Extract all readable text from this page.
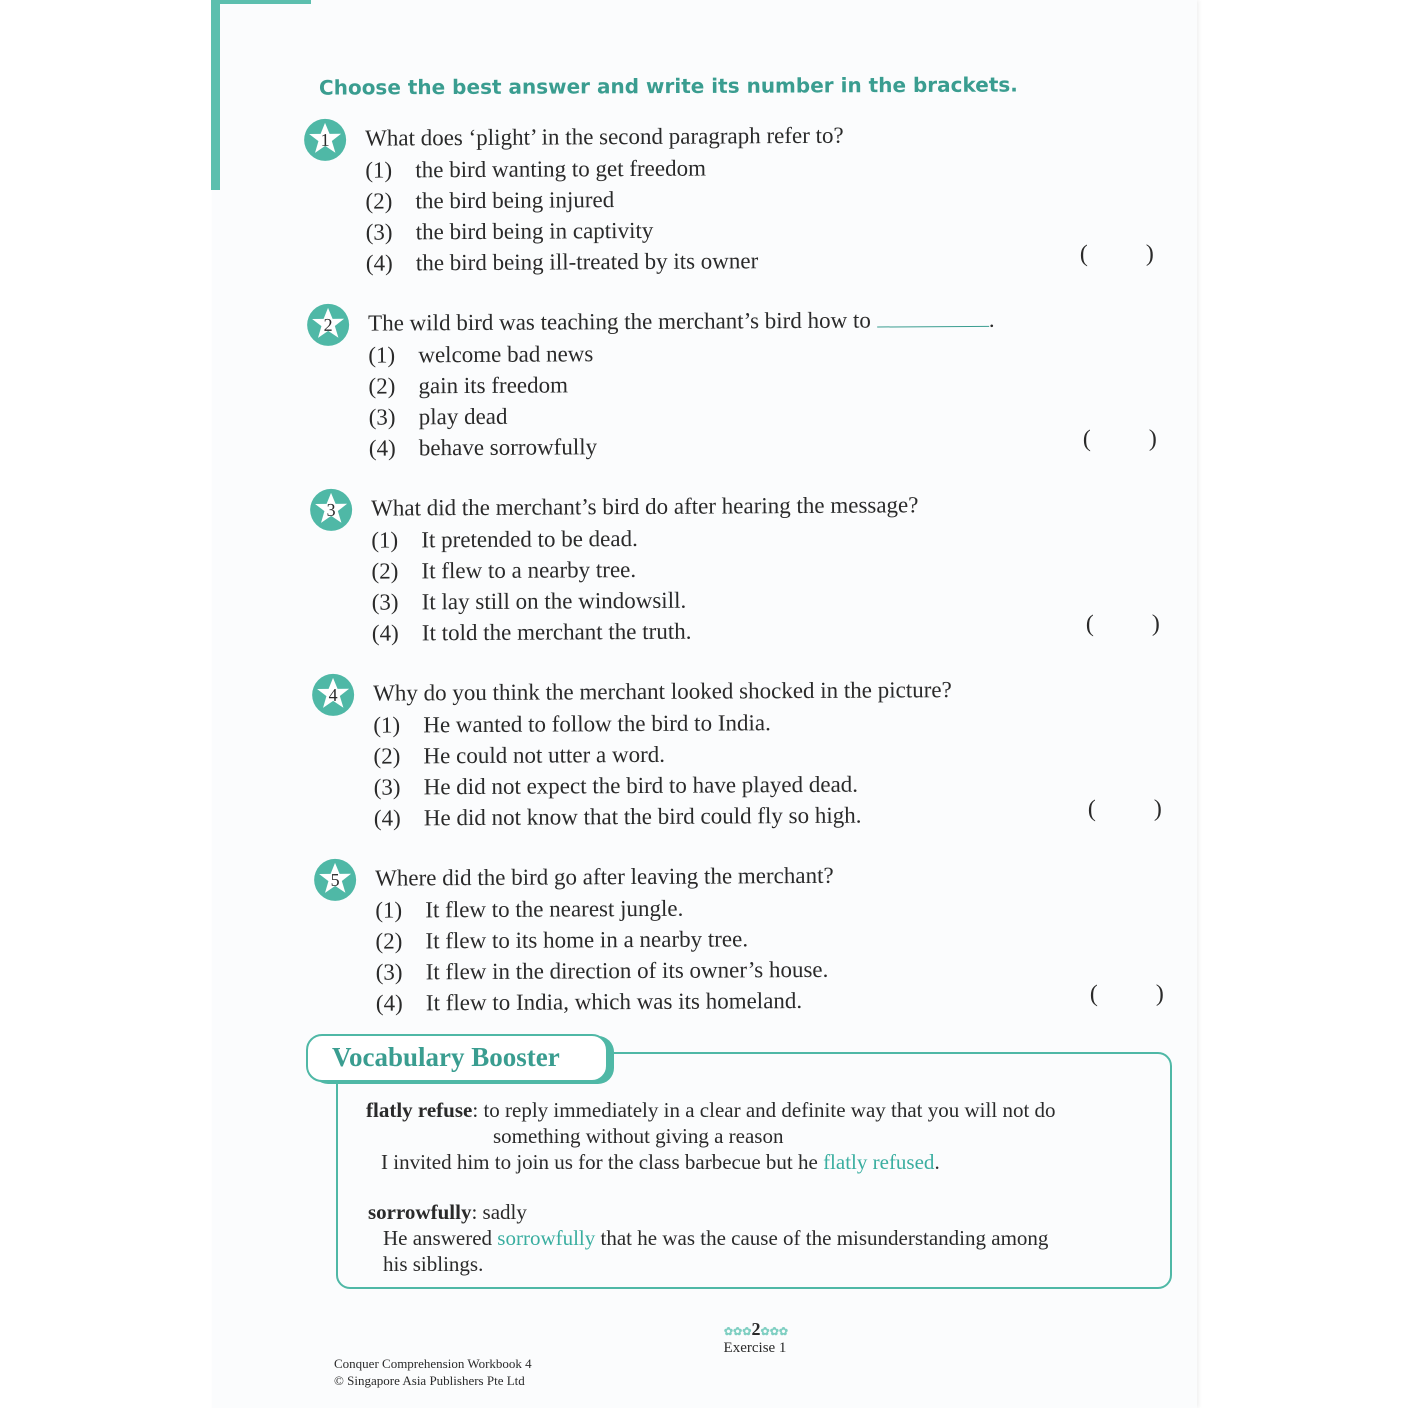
Choose the best answer and write its number in the brackets.
1 What does ‘plight’ in the second paragraph refer to?
(1) the bird wanting to get freedom
(2) the bird being injured
(3) the bird being in captivity
(4) the bird being ill-treated by its owner	( )
2 The wild bird was teaching the merchant’s bird how to	.
(1) welcome bad news
(2) gain its freedom
(3) play dead
(4) behave sorrowfully	( )
3 What did the merchant’s bird do after hearing the message?
(1) It pretended to be dead.
(2) It flew to a nearby tree.
(3) It lay still on the windowsill.
(4) It told the merchant the truth.	( )
4 Why do you think the merchant looked shocked in the picture?
(1) He wanted to follow the bird to India.
(2) He could not utter a word.
(3) He did not expect the bird to have played dead.
(4) He did not know that the bird could fly so high.	( )
5 Where did the bird go after leaving the merchant?
(1) It flew to the nearest jungle.
(2) It flew to its home in a nearby tree.
(3) It flew in the direction of its owner’s house.
(4) It flew to India, which was its homeland.	( )
Vocabulary Booster
flatly refuse: to reply immediately in a clear and definite way that you will not do
something without giving a reason
I invited him to join us for the class barbecue but he flatly refused.
sorrowfully: sadly
He answered sorrowfully that he was the cause of the misunderstanding among
his siblings.
✿✿✿2✿✿✿
Exercise 1
Conquer Comprehension Workbook 4
© Singapore Asia Publishers Pte Ltd
